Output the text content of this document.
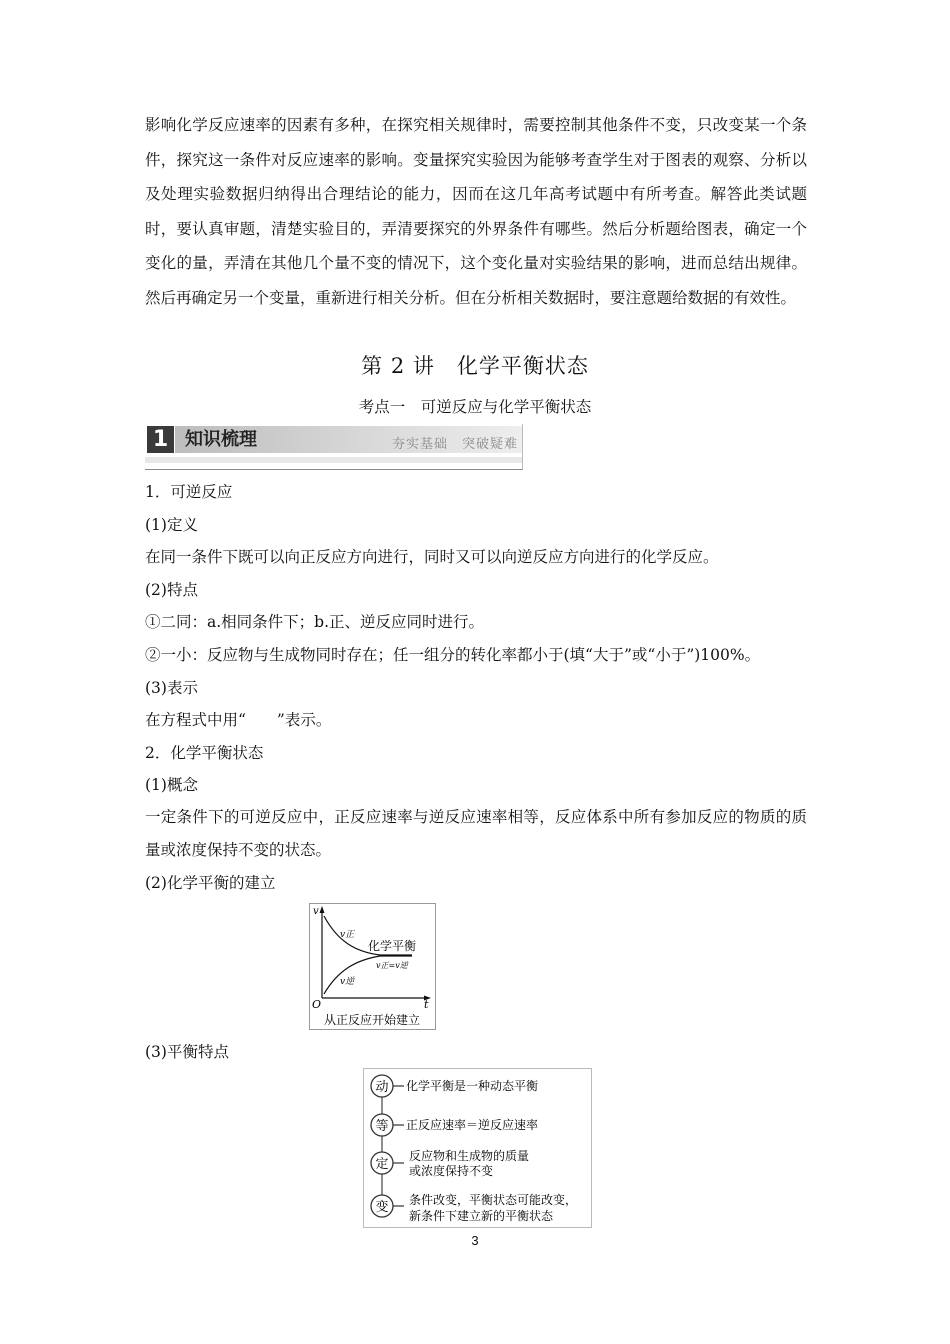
影响化学反应速率的因素有多种，在探究相关规律时，需要控制其他条件不变，只改变某一个条件，探究这一条件对反应速率的影响。变量探究实验因为能够考查学生对于图表的观察、分析以及处理实验数据归纳得出合理结论的能力，因而在这几年高考试题中有所考查。解答此类试题时，要认真审题，清楚实验目的，弄清要探究的外界条件有哪些。然后分析题给图表，确定一个变化的量，弄清在其他几个量不变的情况下，这个变化量对实验结果的影响，进而总结出规律。然后再确定另一个变量，重新进行相关分析。但在分析相关数据时，要注意题给数据的有效性。

第 2 讲　化学平衡状态
考点一　可逆反应与化学平衡状态
1 知识梳理	夯实基础　突破疑难

1．可逆反应

(1)定义

在同一条件下既可以向正反应方向进行，同时又可以向逆反应方向进行的化学反应。

(2)特点

①二同：a.相同条件下；b.正、逆反应同时进行。

②一小：反应物与生成物同时存在；任一组分的转化率都小于(填“大于”或“小于”)100%。

(3)表示

在方程式中用“　　”表示。

2．化学平衡状态

(1)概念

一定条件下的可逆反应中，正反应速率与逆反应速率相等，反应体系中所有参加反应的物质的质量或浓度保持不变的状态。

(2)化学平衡的建立

v
t
O
v正
v逆
化学平衡
v正=v逆
从正反应开始建立

(3)平衡特点

动 化学平衡是一种动态平衡
等 正反应速率＝逆反应速率
定
反应物和生成物的质量
或浓度保持不变
变 条件改变，平衡状态可能改变，
新条件下建立新的平衡状态
3
